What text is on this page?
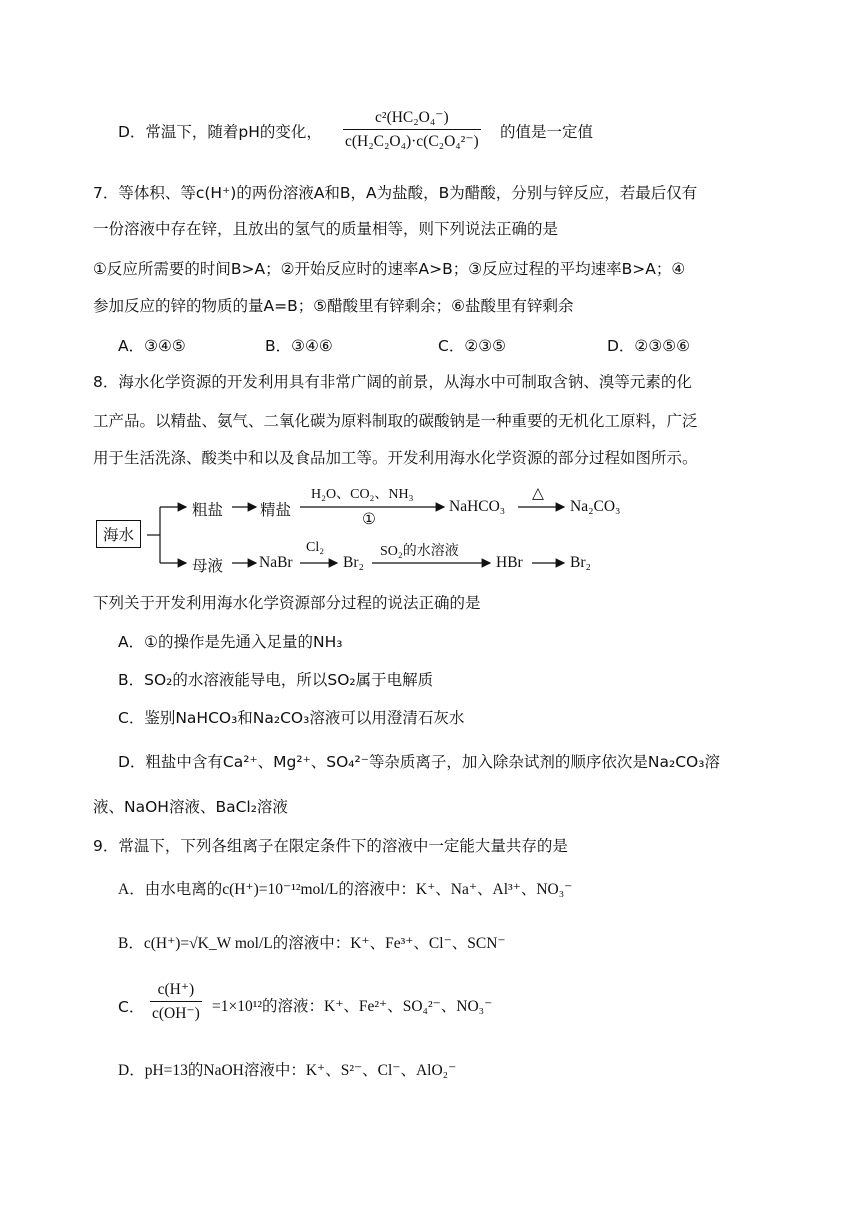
D．常温下，随着pH的变化，
c²(HC₂O₄⁻)
c(H₂C₂O₄)·c(C₂O₄²⁻)
的值是一定值
7．等体积、等c(H⁺)的两份溶液A和B，A为盐酸，B为醋酸，分别与锌反应，若最后仅有
一份溶液中存在锌，且放出的氢气的质量相等，则下列说法正确的是
①反应所需要的时间B>A；②开始反应时的速率A>B；③反应过程的平均速率B>A；④
参加反应的锌的物质的量A=B；⑤醋酸里有锌剩余；⑥盐酸里有锌剩余
A．③④⑤	B．③④⑥	C．②③⑤	D．②③⑤⑥
8．海水化学资源的开发利用具有非常广阔的前景，从海水中可制取含钠、溴等元素的化
工产品。以精盐、氨气、二氧化碳为原料制取的碳酸钠是一种重要的无机化工原料，广泛
用于生活洗涤、酸类中和以及食品加工等。开发利用海水化学资源的部分过程如图所示。
海水
粗盐 精盐
H₂O、CO₂、NH₃
①
NaHCO₃
△
Na₂CO₃
母液 NaBr
Cl₂
Br₂
SO₂的水溶液
HBr	Br₂
下列关于开发利用海水化学资源部分过程的说法正确的是
A．①的操作是先通入足量的NH₃
B．SO₂的水溶液能导电，所以SO₂属于电解质
C．鉴别NaHCO₃和Na₂CO₃溶液可以用澄清石灰水
D．粗盐中含有Ca²⁺、Mg²⁺、SO₄²⁻等杂质离子，加入除杂试剂的顺序依次是Na₂CO₃溶
液、NaOH溶液、BaCl₂溶液
9．常温下，下列各组离子在限定条件下的溶液中一定能大量共存的是
A．由水电离的c(H⁺)=10⁻¹²mol/L的溶液中：K⁺、Na⁺、Al³⁺、NO₃⁻
B．c(H⁺)=√K_W mol/L的溶液中：K⁺、Fe³⁺、Cl⁻、SCN⁻
C．
c(H⁺)
c(OH⁻) =1×10¹²的溶液：K⁺、Fe²⁺、SO₄²⁻、NO₃⁻
D．pH=13的NaOH溶液中：K⁺、S²⁻、Cl⁻、AlO₂⁻
